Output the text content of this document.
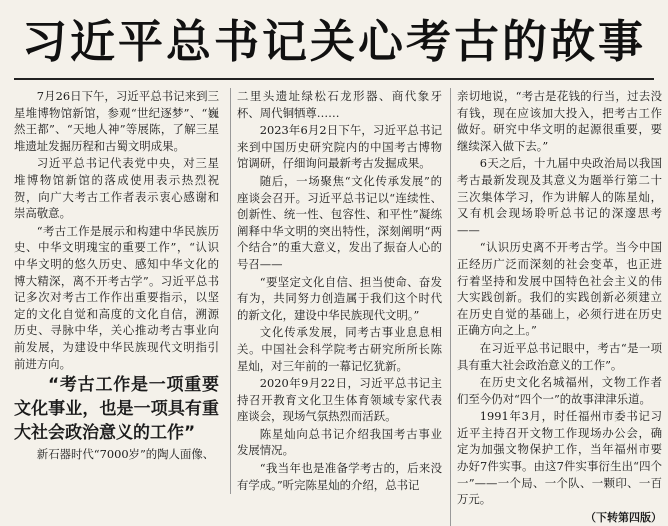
习近平总书记关心考古的故事

7月26日下午，习近平总书记来到三星堆博物馆新馆，参观“世纪逐梦”、“巍然王都”、“天地人神”等展陈，了解三星堆遗址发掘历程和古蜀文明成果。

习近平总书记代表党中央，对三星堆博物馆新馆的落成使用表示热烈祝贺，向广大考古工作者表示衷心感谢和崇高敬意。

“考古工作是展示和构建中华民族历史、中华文明瑰宝的重要工作”，“认识中华文明的悠久历史、感知中华文化的博大精深，离不开考古学”。习近平总书记多次对考古工作作出重要指示，以坚定的文化自觉和高度的文化自信，溯源历史、寻脉中华，关心推动考古事业向前发展，为建设中华民族现代文明指引前进方向。

“考古工作是一项重要文化事业，也是一项具有重大社会政治意义的工作”

新石器时代“7000岁”的陶人面像、

二里头遗址绿松石龙形器、商代象牙杯、周代铜牺尊……

2023年6月2日下午，习近平总书记来到中国历史研究院内的中国考古博物馆调研，仔细询问最新考古发掘成果。

随后，一场聚焦“文化传承发展”的座谈会召开。习近平总书记以“连续性、创新性、统一性、包容性、和平性”凝练阐释中华文明的突出特性，深刻阐明“两个结合”的重大意义，发出了振奋人心的号召——

“要坚定文化自信、担当使命、奋发有为，共同努力创造属于我们这个时代的新文化，建设中华民族现代文明。”

文化传承发展，同考古事业息息相关。中国社会科学院考古研究所所长陈星灿，对三年前的一幕记忆犹新。

2020年9月22日，习近平总书记主持召开教育文化卫生体育领域专家代表座谈会，现场气氛热烈而活跃。

陈星灿向总书记介绍我国考古事业发展情况。

“我当年也是准备学考古的，后来没有学成。”听完陈星灿的介绍，总书记

亲切地说，“考古是花钱的行当，过去没有钱，现在应该加大投入，把考古工作做好。研究中华文明的起源很重要，要继续深入做下去。”

6天之后，十九届中央政治局以我国考古最新发现及其意义为题举行第二十三次集体学习，作为讲解人的陈星灿，又有机会现场聆听总书记的深邃思考——

“认识历史离不开考古学。当今中国正经历广泛而深刻的社会变革，也正进行着坚持和发展中国特色社会主义的伟大实践创新。我们的实践创新必须建立在历史自觉的基础上，必须行进在历史正确方向之上。”

在习近平总书记眼中，考古“是一项具有重大社会政治意义的工作”。

在历史文化名城福州，文物工作者们至今仍对“四个一”的故事津津乐道。

1991年3月，时任福州市委书记习近平主持召开文物工作现场办公会，确定为加强文物保护工作，当年福州市要办好7件实事。由这7件实事衍生出“四个一”——一个局、一个队、一颗印、一百万元。

（下转第四版）
